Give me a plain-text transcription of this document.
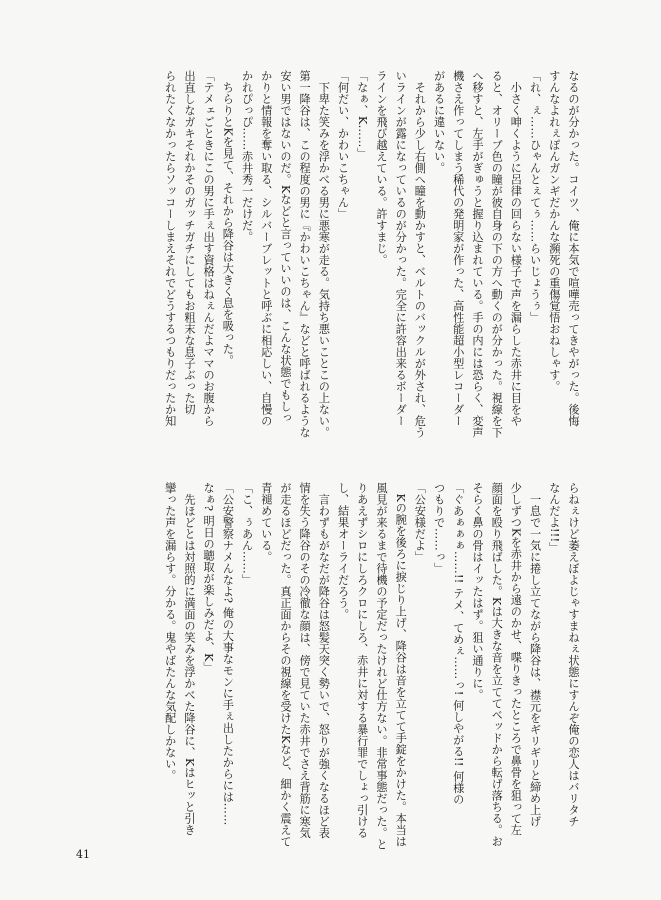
なるのが分かった。コイツ、俺に本気で喧嘩売ってきやがった。後悔
すんなよれぇぽんガンギだかんな瀕死の重傷覚悟おねしゃす。
「れ、ぇ……ひゃんとぇてぅ……らいじょうぅ」
　小さく呻くように呂律の回らない様子で声を漏らした赤井に目をや
ると、オリーブ色の瞳が彼自身の下の方へ動くのが分かった。視線を下
へ移すと、左手がぎゅうと握り込まれている。手の内には恐らく、変声
機さえ作ってしまう稀代の発明家が作った、高性能超小型レコーダー
があるに違いない。
　それから少し右側へ瞳を動かすと、ベルトのバックルが外され、危う
いラインが露になっているのが分かった。完全に許容出来るボーダー
ラインを飛び越えている。許すまじ。
「なぁ、K……」
「何だい、かわいこちゃん」
　下卑た笑みを浮かべる男に悪寒が走る。気持ち悪いことこの上ない。
第一降谷は、この程度の男に『かわいこちゃん』などと呼ばれるような
安い男ではないのだ。Kなどと言っていいのは、こんな状態でもしっ
かりと情報を奪い取る、シルバーブレットと呼ぶに相応しい、自慢の
かれぴっぴ……赤井秀一だけだ。
　ちらりとKを見て、それから降谷は大きく息を吸った。
「テメェごときにこの男に手ぇ出す資格はねぇんだよママのお腹から
出直しなガキそれかそのガッチガチにしてもお粗末な息子ぶった切
られたくなかったらソッコーしまえそれでどうするつもりだったか知
らねぇけど萎えぼよじゃすまねぇ状態にすんぞ俺の恋人はバリタチ
なんだよ!!!」
　一息で一気に捲し立てながら降谷は、襟元をギリギリと締め上げ
少しずつKを赤井から遠のかせ、喋りきったところで鼻骨を狙って左
顔面を殴り飛ばした。Kは大きな音を立ててベッドから転げ落ちる。お
そらく鼻の骨はイッたはず。狙い通りに。
「ぐあぁぁぁ……!! テメ、てめぇ……っ! 何しやがる!! 何様の
つもりで……っ」
「公安様だよ」
　Kの腕を後ろに捩じり上げ、降谷は音を立てて手錠をかけた。本当は
風見が来るまで待機の予定だったけれど仕方ない。非常事態だった。と
りあえずシロにしろクロにしろ、赤井に対する暴行罪でしょっ引ける
し、結果オーライだろう。
　言わずもがなだが降谷は怒髪天突く勢いで、怒りが強くなるほど表
情を失う降谷のその冷徹な顔は、傍で見ていた赤井でさえ背筋に寒気
が走るほどだった。真正面からその視線を受けたKなど、細かく震えて
青褪めている。
「こ、ぅあん……」
「公安警察ナメんなよ? 俺の大事なモンに手ぇ出したからには……
なぁ? 明日の聴取が楽しみだよ、K」
　先ほどとは対照的に満面の笑みを浮かべた降谷に、Kはヒッと引き
攣った声を漏らす。分かる。鬼やばたんな気配しかない。
41
